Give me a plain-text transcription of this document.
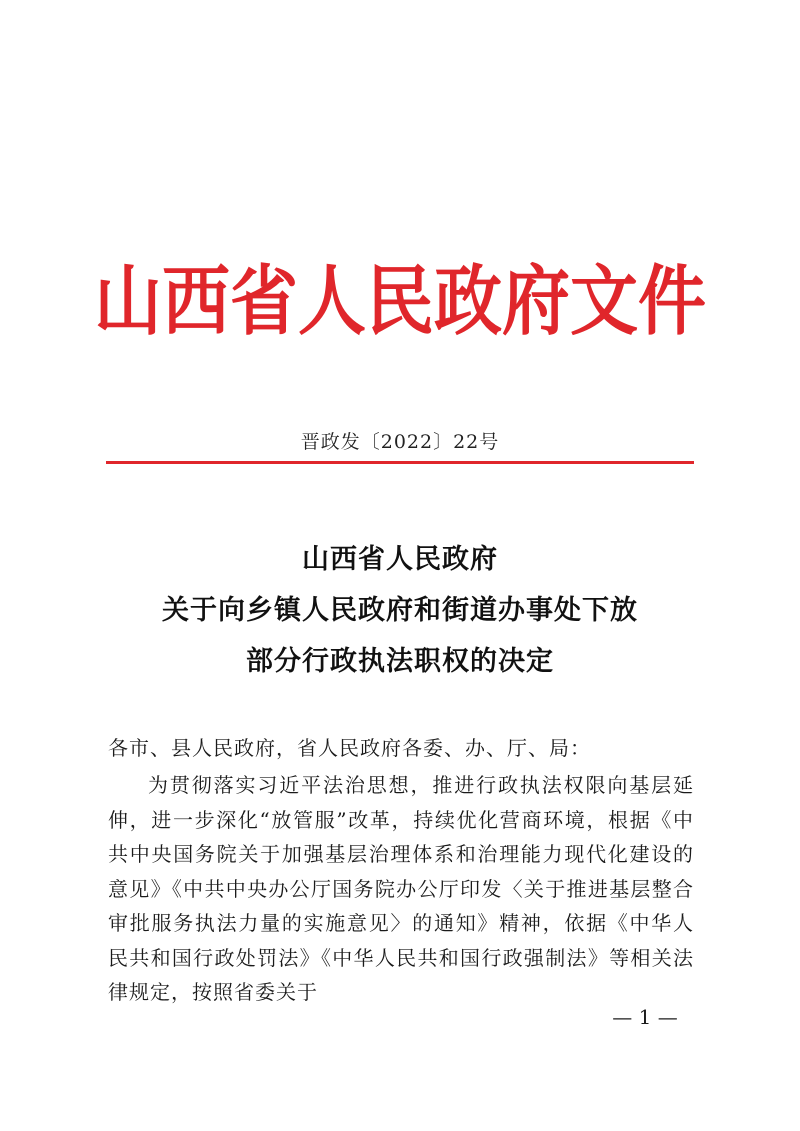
山西省人民政府文件
晋政发〔2022〕22号
山西省人民政府
关于向乡镇人民政府和街道办事处下放
部分行政执法职权的决定
各市、县人民政府，省人民政府各委、办、厅、局：
为贯彻落实习近平法治思想，推进行政执法权限向基层延伸，进一步深化“放管服”改革，持续优化营商环境，根据《中共中央国务院关于加强基层治理体系和治理能力现代化建设的意见》《中共中央办公厅国务院办公厅印发〈关于推进基层整合审批服务执法力量的实施意见〉的通知》精神，依据《中华人民共和国行政处罚法》《中华人民共和国行政强制法》等相关法律规定，按照省委关于
— 1 —
